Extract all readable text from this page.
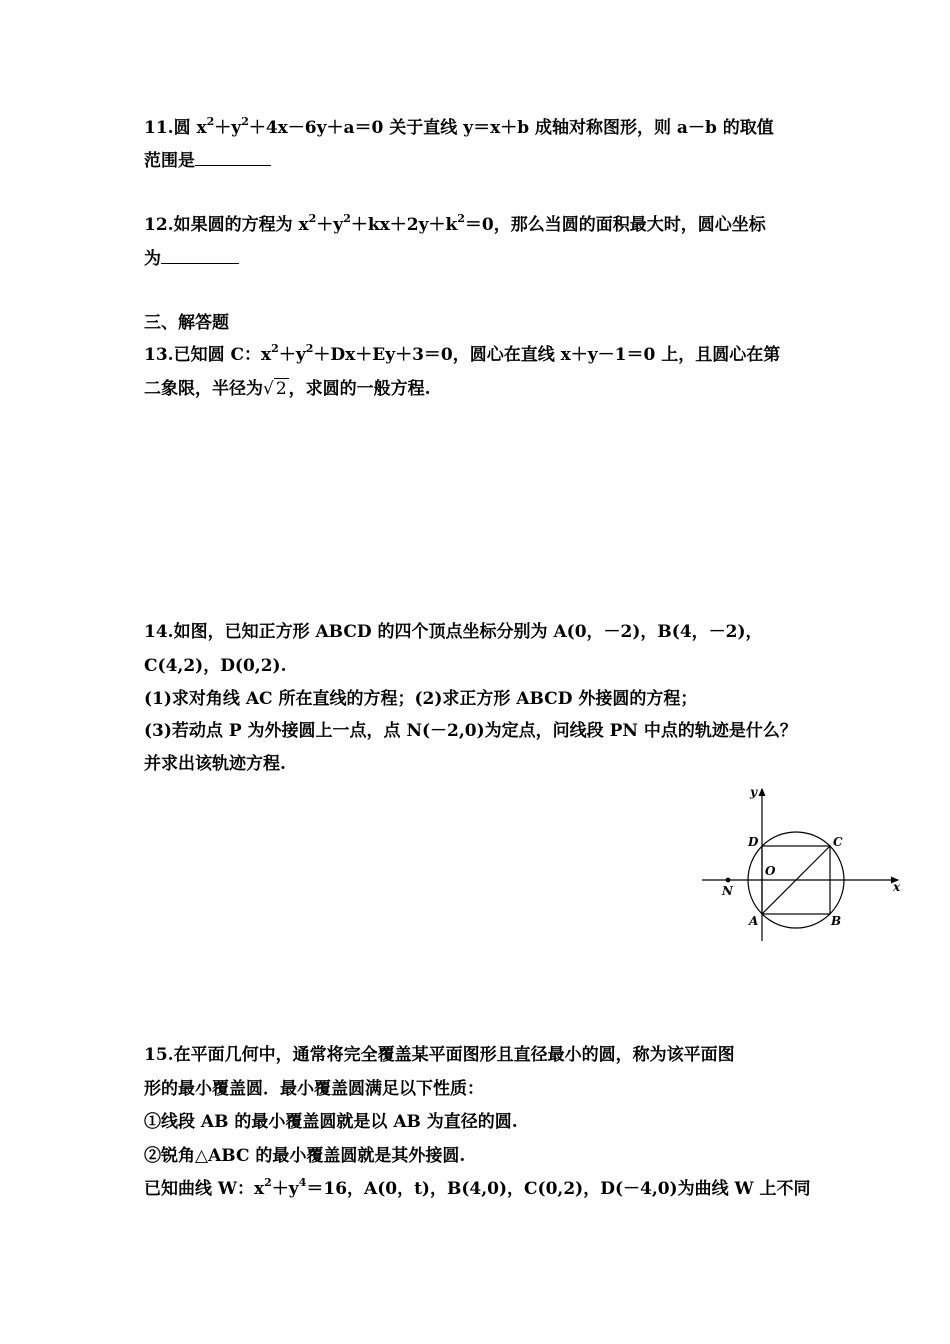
11.圆 $x^2+y^2+4x-6y+a=0$ 关于直线 y＝x＋b 成轴对称图形，则 a－b 的取值
范围是
12.如果圆的方程为 $x^2+y^2+kx+2y+k^2=0$，那么当圆的面积最大时，圆心坐标
为
三、解答题
13.已知圆 C：$x^2+y^2+Dx+Ey+3=0$，圆心在直线 x＋y－1＝0 上，且圆心在第
二象限，半径为√ 2 ，求圆的一般方程.
14.如图，已知正方形 ABCD 的四个顶点坐标分别为 A(0，－2)，B(4，－2)，
C(4,2)，D(0,2).
(1)求对角线 AC 所在直线的方程；(2)求正方形 ABCD 外接圆的方程；
(3)若动点 P 为外接圆上一点，点 N(－2,0)为定点，问线段 PN 中点的轨迹是什么？
并求出该轨迹方程.
y
x
O
D	C
A	B
N
15.在平面几何中，通常将完全覆盖某平面图形且直径最小的圆，称为该平面图
形的最小覆盖圆．最小覆盖圆满足以下性质：
①线段 AB 的最小覆盖圆就是以 AB 为直径的圆.
②锐角△ABC 的最小覆盖圆就是其外接圆.
已知曲线 W：$x^2+y^4=16$，A(0，t)，B(4,0)，C(0,2)，D(－4,0)为曲线 W 上不同
